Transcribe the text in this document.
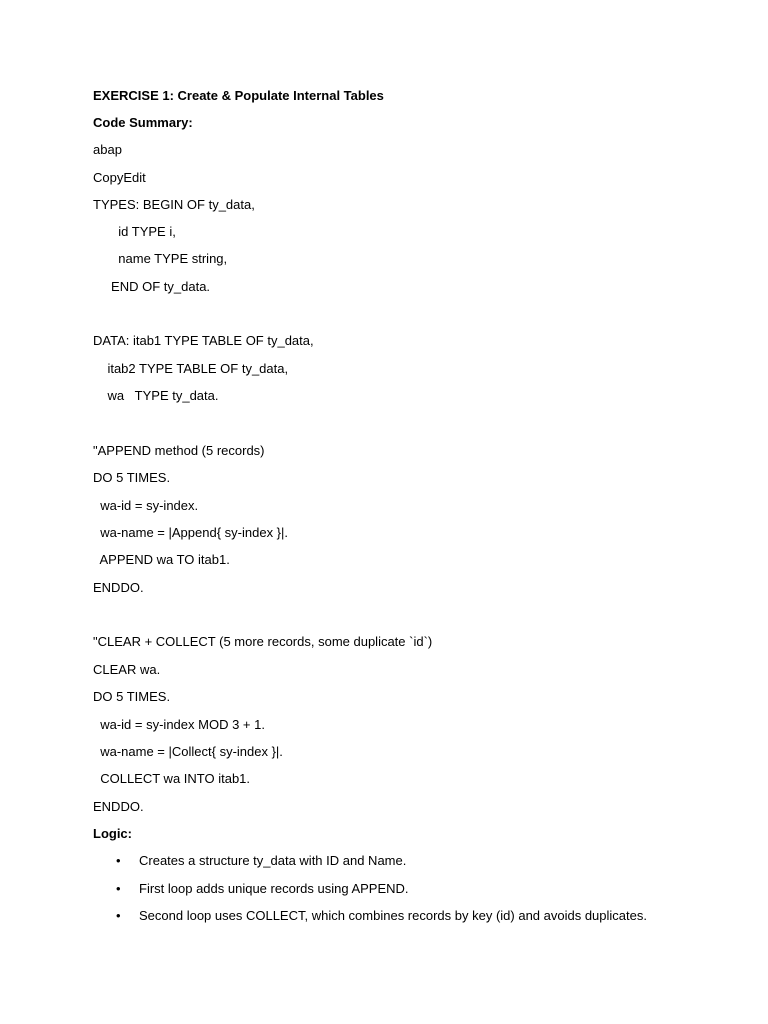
EXERCISE 1: Create & Populate Internal Tables
Code Summary:
abap
CopyEdit
TYPES: BEGIN OF ty_data,
id TYPE i,
name TYPE string,
END OF ty_data.
DATA: itab1 TYPE TABLE OF ty_data,
itab2 TYPE TABLE OF ty_data,
wa   TYPE ty_data.
"APPEND method (5 records)
DO 5 TIMES.
wa-id = sy-index.
wa-name = |Append{ sy-index }|.
APPEND wa TO itab1.
ENDDO.
"CLEAR + COLLECT (5 more records, some duplicate `id`)
CLEAR wa.
DO 5 TIMES.
wa-id = sy-index MOD 3 + 1.
wa-name = |Collect{ sy-index }|.
COLLECT wa INTO itab1.
ENDDO.
Logic:
• Creates a structure ty_data with ID and Name.
• First loop adds unique records using APPEND.
• Second loop uses COLLECT, which combines records by key (id) and avoids duplicates.
